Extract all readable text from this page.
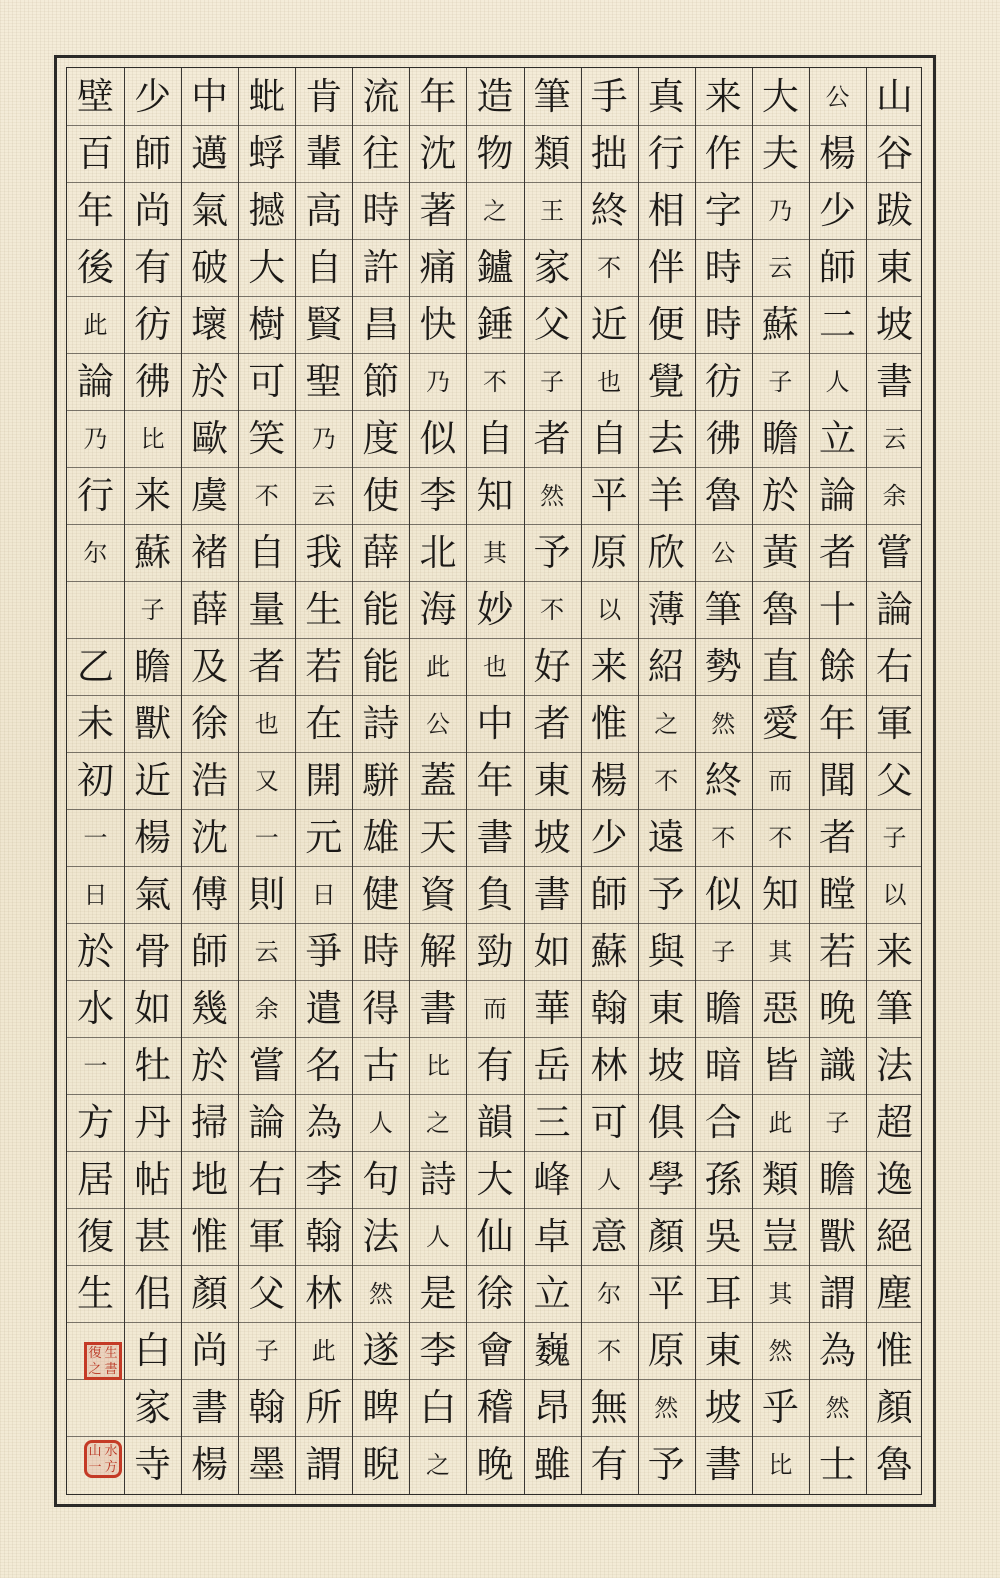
山
谷
跋
東
坡
書
云
余
嘗
論
右
軍
父
子
以
来
筆
法
超
逸
絕
塵
惟
顏
魯
公
楊
少
師
二
人
立
論
者
十
餘
年
聞
者
瞠
若
晚
識
子
瞻
獸
謂
為
然
士
大
夫
乃
云
蘇
子
瞻
於
黃
魯
直
愛
而
不
知
其
惡
皆
此
類
豈
其
然
乎
比
来
作
字
時
時
彷
彿
魯
公
筆
勢
然
終
不
似
子
瞻
暗
合
孫
吳
耳
東
坡
書
真
行
相
伴
便
覺
去
羊
欣
薄
紹
之
不
遠
予
與
東
坡
俱
學
顏
平
原
然
予
手
拙
終
不
近
也
自
平
原
以
来
惟
楊
少
師
蘇
翰
林
可
人
意
尔
不
無
有
筆
類
王
家
父
子
者
然
予
不
好
者
東
坡
書
如
華
岳
三
峰
卓
立
巍
昂
雖
造
物
之
鑪
錘
不
自
知
其
妙
也
中
年
書
負
勁
而
有
韻
大
仙
徐
會
稽
晚
年
沈
著
痛
快
乃
似
李
北
海
此
公
蓋
天
資
解
書
比
之
詩
人
是
李
白
之
流
往
時
許
昌
節
度
使
薛
能
能
詩
駢
雄
健
時
得
古
人
句
法
然
遂
睥
睨
肯
輩
高
自
賢
聖
乃
云
我
生
若
在
開
元
日
爭
遣
名
為
李
翰
林
此
所
謂
蚍
蜉
撼
大
樹
可
笑
不
自
量
者
也
又
一
則
云
余
嘗
論
右
軍
父
子
翰
墨
中
邁
氣
破
壞
於
歐
虞
褚
薛
及
徐
浩
沈
傅
師
幾
於
掃
地
惟
顏
尚
書
楊
少
師
尚
有
彷
彿
比
来
蘇
子
瞻
獸
近
楊
氣
骨
如
牡
丹
帖
甚
佀
白
家
寺
壁
百
年
後
此
論
乃
行
尔
乙
未
初
一
日
於
水
一
方
居
復
生
復 生
之 書
山 水
一 方
